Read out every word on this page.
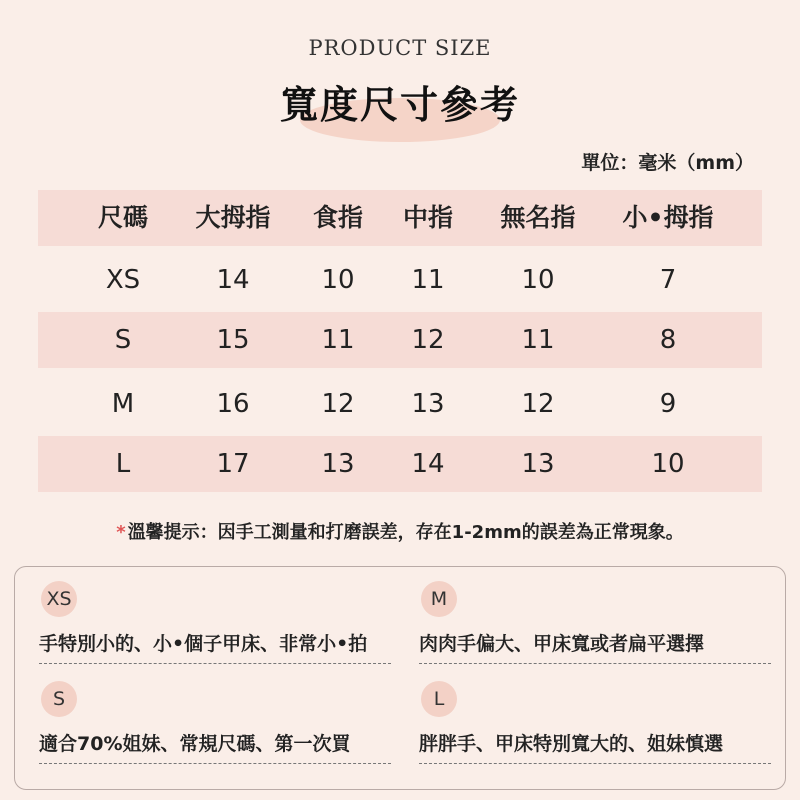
PRODUCT SIZE
寬度尺寸參考
單位：毫米（mm）
尺碼	大拇指	食指	中指	無名指	小•拇指
XS	14	10	11	10	7
S	15	11	12	11	8
M	16	12	13	12	9
L	17	13	14	13	10
* 溫馨提示：因手工測量和打磨誤差，存在1-2mm的誤差為正常現象。
XS
手特別小的、小•個子甲床、非常小•拍
M
肉肉手偏大、甲床寬或者扁平選擇
S
適合70%姐妹、常規尺碼、第一次買
L
胖胖手、甲床特別寬大的、姐妹慎選
